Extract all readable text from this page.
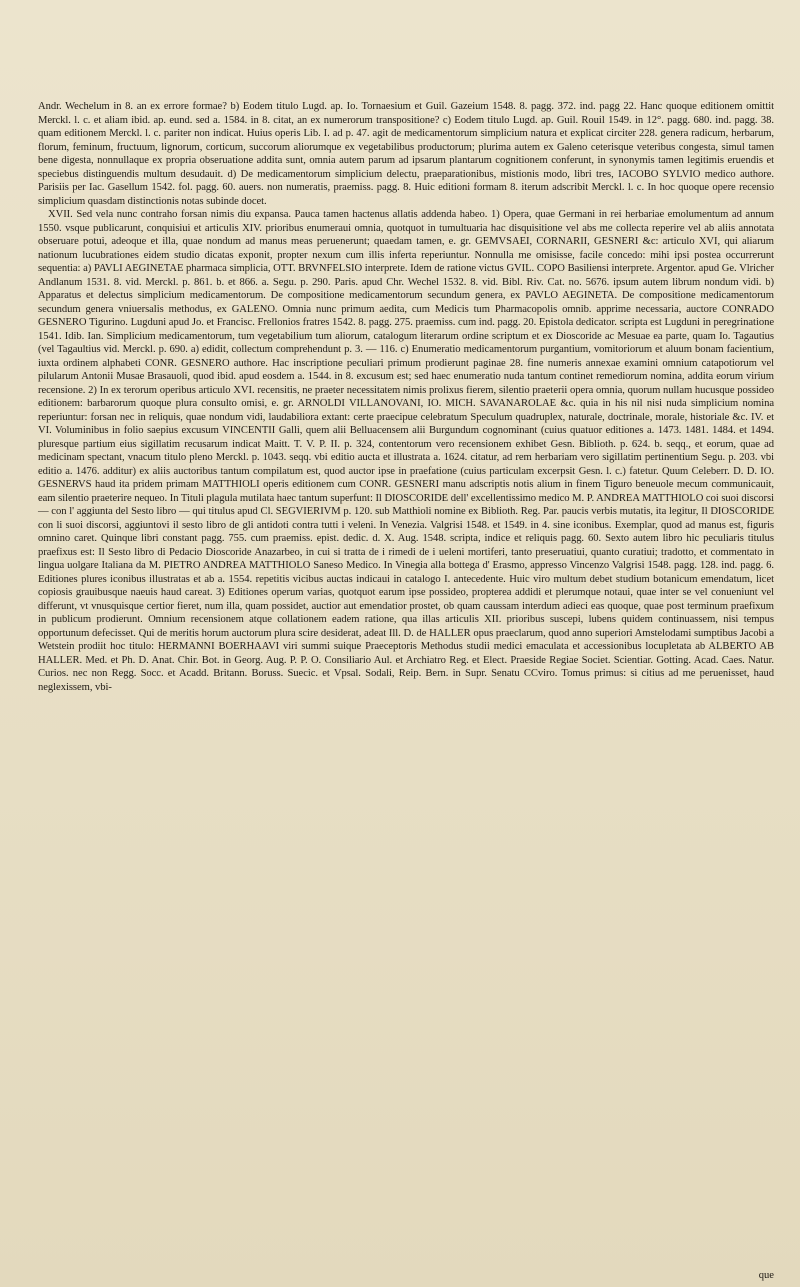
Andr. Wechelum in 8. an ex errore formae? b) Eodem titulo Lugd. ap. Io. Tornaesium et Guil. Gazeium 1548. 8. pagg. 372. ind. pagg 22. Hanc quoque editionem omittit Merckl. l. c. et aliam ibid. ap. eund. sed a. 1584. in 8. citat, an ex numerorum transpositione? c) Eodem titulo Lugd. ap. Guil. Rouil 1549. in 12°. pagg. 680. ind. pagg. 38. quam editionem Merckl. l. c. pariter non indicat. Huius operis Lib. I. ad p. 47. agit de medicamentorum simplicium natura et explicat circiter 228. genera radicum, herbarum, florum, feminum, fructuum, lignorum, corticum, succorum aliorumque ex vegetabilibus productorum; plurima autem ex Galeno ceterisque veteribus congesta, simul tamen bene digesta, nonnullaque ex propria obseruatione addita sunt, omnia autem parum ad ipsarum plantarum cognitionem conferunt, in synonymis tamen legitimis eruendis et speciebus distinguendis multum desudauit. d) De medicamentorum simplicium delectu, praeparationibus, mistionis modo, libri tres, IACOBO SYLVIO medico authore. Parisiis per Iac. Gasellum 1542. fol. pagg. 60. auers. non numeratis, praemiss. pagg. 8. Huic editioni formam 8. iterum adscribit Merckl. l. c. In hoc quoque opere recensio simplicium quasdam distinctionis notas subinde docet.

XVII. Sed vela nunc contraho forsan nimis diu expansa. Pauca tamen hactenus allatis addenda habeo. 1) Opera, quae Germani in rei herbariae emolumentum ad annum 1550. vsque publicarunt, conquisiui et articulis XIV. prioribus enumeraui omnia, quotquot in tumultuaria hac disquisitione vel abs me collecta reperire vel ab aliis annotata obseruare potui, adeoque et illa, quae nondum ad manus meas peruenerunt; quaedam tamen, e. gr. GEMVSAEI, CORNARII, GESNERI &c: articulo XVI, qui aliarum nationum lucubrationes eidem studio dicatas exponit, propter nexum cum illis inferta reperiuntur. Nonnulla me omisisse, facile concedo: mihi ipsi postea occurrerunt sequentia: a) PAVLI AEGINETAE pharmaca simplicia, OTT. BRVNFELSIO interprete. Idem de ratione victus GVIL. COPO Basiliensi interprete. Argentor. apud Ge. Vlricher Andlanum 1531. 8. vid. Merckl. p. 861. b. et 866. a. Segu. p. 290. Paris. apud Chr. Wechel 1532. 8. vid. Bibl. Riv. Cat. no. 5676. ipsum autem librum nondum vidi. b) Apparatus et delectus simplicium medicamentorum. De compositione medicamentorum secundum genera, ex PAVLO AEGINETA. De compositione medicamentorum secundum genera vniuersalis methodus, ex GALENO. Omnia nunc primum aedita, cum Medicis tum Pharmacopolis omnib. apprime necessaria, auctore CONRADO GESNERO Tigurino. Lugduni apud Jo. et Francisc. Frellonios fratres 1542. 8. pagg. 275. praemiss. cum ind. pagg. 20. Epistola dedicator. scripta est Lugduni in peregrinatione 1541. Idib. Ian. Simplicium medicamentorum, tum vegetabilium tum aliorum, catalogum literarum ordine scriptum et ex Dioscoride ac Mesuae ea parte, quam Io. Tagautius (vel Tagaultius vid. Merckl. p. 690. a) edidit, collectum comprehendunt p. 3. — 116. c) Enumeratio medicamentorum purgantium, vomitoriorum et aluum bonam facientium, iuxta ordinem alphabeti CONR. GESNERO authore. Hac inscriptione peculiari primum prodierunt paginae 28. fine numeris annexae examini omnium catapotiorum vel pilularum Antonii Musae Brasauoli, quod ibid. apud eosdem a. 1544. in 8. excusum est; sed haec enumeratio nuda tantum continet remediorum nomina, addita eorum virium recensione. 2) In ex terorum operibus articulo XVI. recensitis, ne praeter necessitatem nimis prolixus fierem, silentio praeterii opera omnia, quorum nullam hucusque possideo editionem: barbarorum quoque plura consulto omisi, e. gr. ARNOLDI VILLANOVANI, IO. MICH. SAVANAROLAE &c. quia in his nil nisi nuda simplicium nomina reperiuntur: forsan nec in reliquis, quae nondum vidi, laudabiliora extant: certe praecipue celebratum Speculum quadruplex, naturale, doctrinale, morale, historiale &c. IV. et VI. Voluminibus in folio saepius excusum VINCENTII Galli, quem alii Belluacensem alii Burgundum cognominant (cuius quatuor editiones a. 1473. 1481. 1484. et 1494. pluresque partium eius sigillatim recusarum indicat Maitt. T. V. P. II. p. 324, contentorum vero recensionem exhibet Gesn. Biblioth. p. 624. b. seqq., et eorum, quae ad medicinam spectant, vnacum titulo pleno Merckl. p. 1043. seqq. vbi editio aucta et illustrata a. 1624. citatur, ad rem herbariam vero sigillatim pertinentium Segu. p. 203. vbi editio a. 1476. additur) ex aliis auctoribus tantum compilatum est, quod auctor ipse in praefatione (cuius particulam excerpsit Gesn. l. c.) fatetur. Quum Celeberr. D. D. IO. GESNERVS haud ita pridem primam MATTHIOLI operis editionem cum CONR. GESNERI manu adscriptis notis alium in finem Tiguro beneuole mecum communicauit, eam silentio praeterire nequeo. In Tituli plagula mutilata haec tantum superfunt: Il DIOSCORIDE dell' excellentissimo medico M. P. ANDREA MATTHIOLO coi suoi discorsi — con l' aggiunta del Sesto libro — qui titulus apud Cl. SEGVIERIVM p. 120. sub Matthioli nomine ex Biblioth. Reg. Par. paucis verbis mutatis, ita legitur, Il DIOSCORIDE con li suoi discorsi, aggiuntovi il sesto libro de gli antidoti contra tutti i veleni. In Venezia. Valgrisi 1548. et 1549. in 4. sine iconibus. Exemplar, quod ad manus est, figuris omnino caret. Quinque libri constant pagg. 755. cum praemiss. epist. dedic. d. X. Aug. 1548. scripta, indice et reliquis pagg. 60. Sexto autem libro hic peculiaris titulus praefixus est: Il Sesto libro di Pedacio Dioscoride Anazarbeo, in cui si tratta de i rimedi de i ueleni mortiferi, tanto preseruatiui, quanto curatiui; tradotto, et commentato in lingua uolgare Italiana da M. PIETRO ANDREA MATTHIOLO Saneso Medico. In Vinegia alla bottega d' Erasmo, appresso Vincenzo Valgrisi 1548. pagg. 128. ind. pagg. 6. Editiones plures iconibus illustratas et ab a. 1554. repetitis vicibus auctas indicaui in catalogo I. antecedente. Huic viro multum debet studium botanicum emendatum, licet copiosis grauibusque naeuis haud careat. 3) Editiones operum varias, quotquot earum ipse possideo, propterea addidi et plerumque notaui, quae inter se vel conueniunt vel differunt, vt vnusquisque certior fieret, num illa, quam possidet, auctior aut emendatior prostet, ob quam caussam interdum adieci eas quoque, quae post terminum praefixum in publicum prodierunt. Omnium recensionem atque collationem eadem ratione, qua illas articulis XII. prioribus suscepi, lubens quidem continuassem, nisi tempus opportunum defecisset. Qui de meritis horum auctorum plura scire desiderat, adeat Ill. D. de HALLER opus praeclarum, quod anno superiori Amstelodami sumptibus Jacobi a Wetstein prodiit hoc titulo: HERMANNI BOERHAAVI viri summi suique Praeceptoris Methodus studii medici emaculata et accessionibus locupletata ab ALBERTO AB HALLER. Med. et Ph. D. Anat. Chir. Bot. in Georg. Aug. P. P. O. Consiliario Aul. et Archiatro Reg. et Elect. Praeside Regiae Societ. Scientiar. Gotting. Acad. Caes. Natur. Curios. nec non Regg. Socc. et Acadd. Britann. Boruss. Suecic. et Vpsal. Sodali, Reip. Bern. in Supr. Senatu CCviro. Tomus primus: si citius ad me peruenisset, haud neglexissem, vbi-

que
